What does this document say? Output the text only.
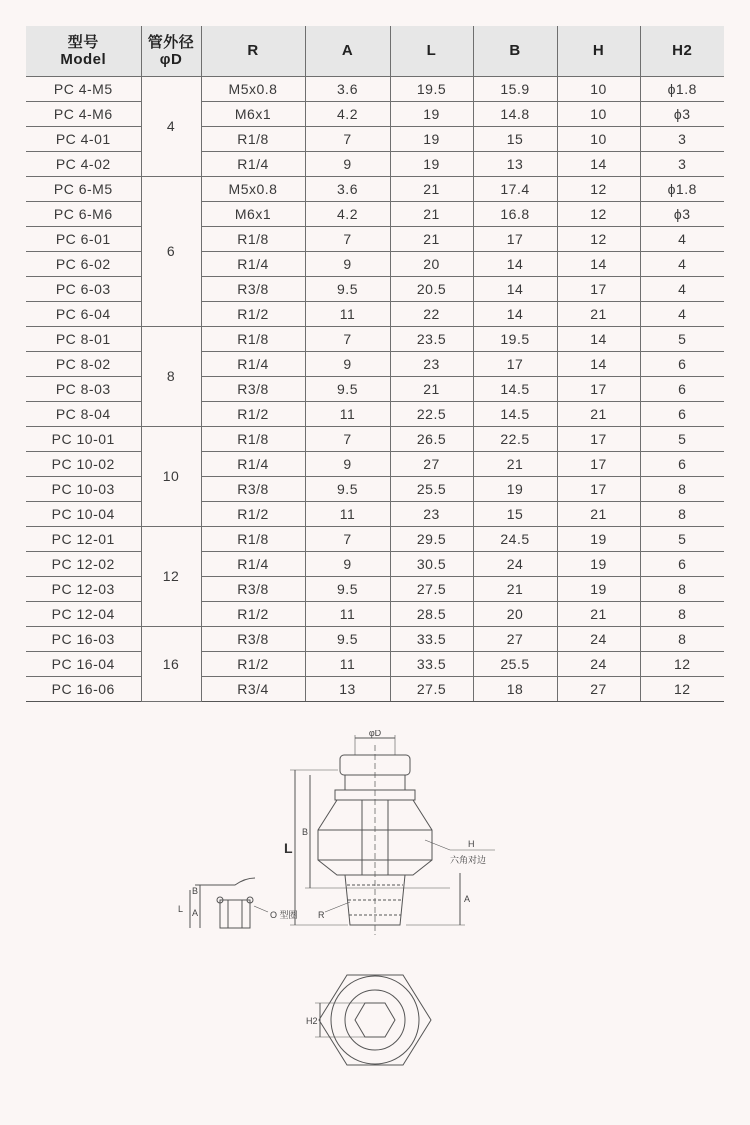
型号
Model	管外径
φD	R	A	L	B	H	H2
PC 4-M5	4	M5x0.8	3.6	19.5	15.9	10	ϕ1.8
PC 4-M6		M6x1	4.2	19	14.8	10	ϕ3
PC 4-01		R1/8	7	19	15	10	3
PC 4-02		R1/4	9	19	13	14	3
PC 6-M5	6	M5x0.8	3.6	21	17.4	12	ϕ1.8
PC 6-M6		M6x1	4.2	21	16.8	12	ϕ3
PC 6-01		R1/8	7	21	17	12	4
PC 6-02		R1/4	9	20	14	14	4
PC 6-03		R3/8	9.5	20.5	14	17	4
PC 6-04		R1/2	11	22	14	21	4
PC 8-01	8	R1/8	7	23.5	19.5	14	5
PC 8-02		R1/4	9	23	17	14	6
PC 8-03		R3/8	9.5	21	14.5	17	6
PC 8-04		R1/2	11	22.5	14.5	21	6
PC 10-01	10	R1/8	7	26.5	22.5	17	5
PC 10-02		R1/4	9	27	21	17	6
PC 10-03		R3/8	9.5	25.5	19	17	8
PC 10-04		R1/2	11	23	15	21	8
PC 12-01	12	R1/8	7	29.5	24.5	19	5
PC 12-02		R1/4	9	30.5	24	19	6
PC 12-03		R3/8	9.5	27.5	21	19	8
PC 12-04		R1/2	11	28.5	20	21	8
PC 16-03	16	R3/8	9.5	33.5	27	24	8
PC 16-04		R1/2	11	33.5	25.5	24	12
PC 16-06		R3/4	13	27.5	18	27	12
φD
L
B
A
R
H
六角对边
O 型圈
L A
B
H2
